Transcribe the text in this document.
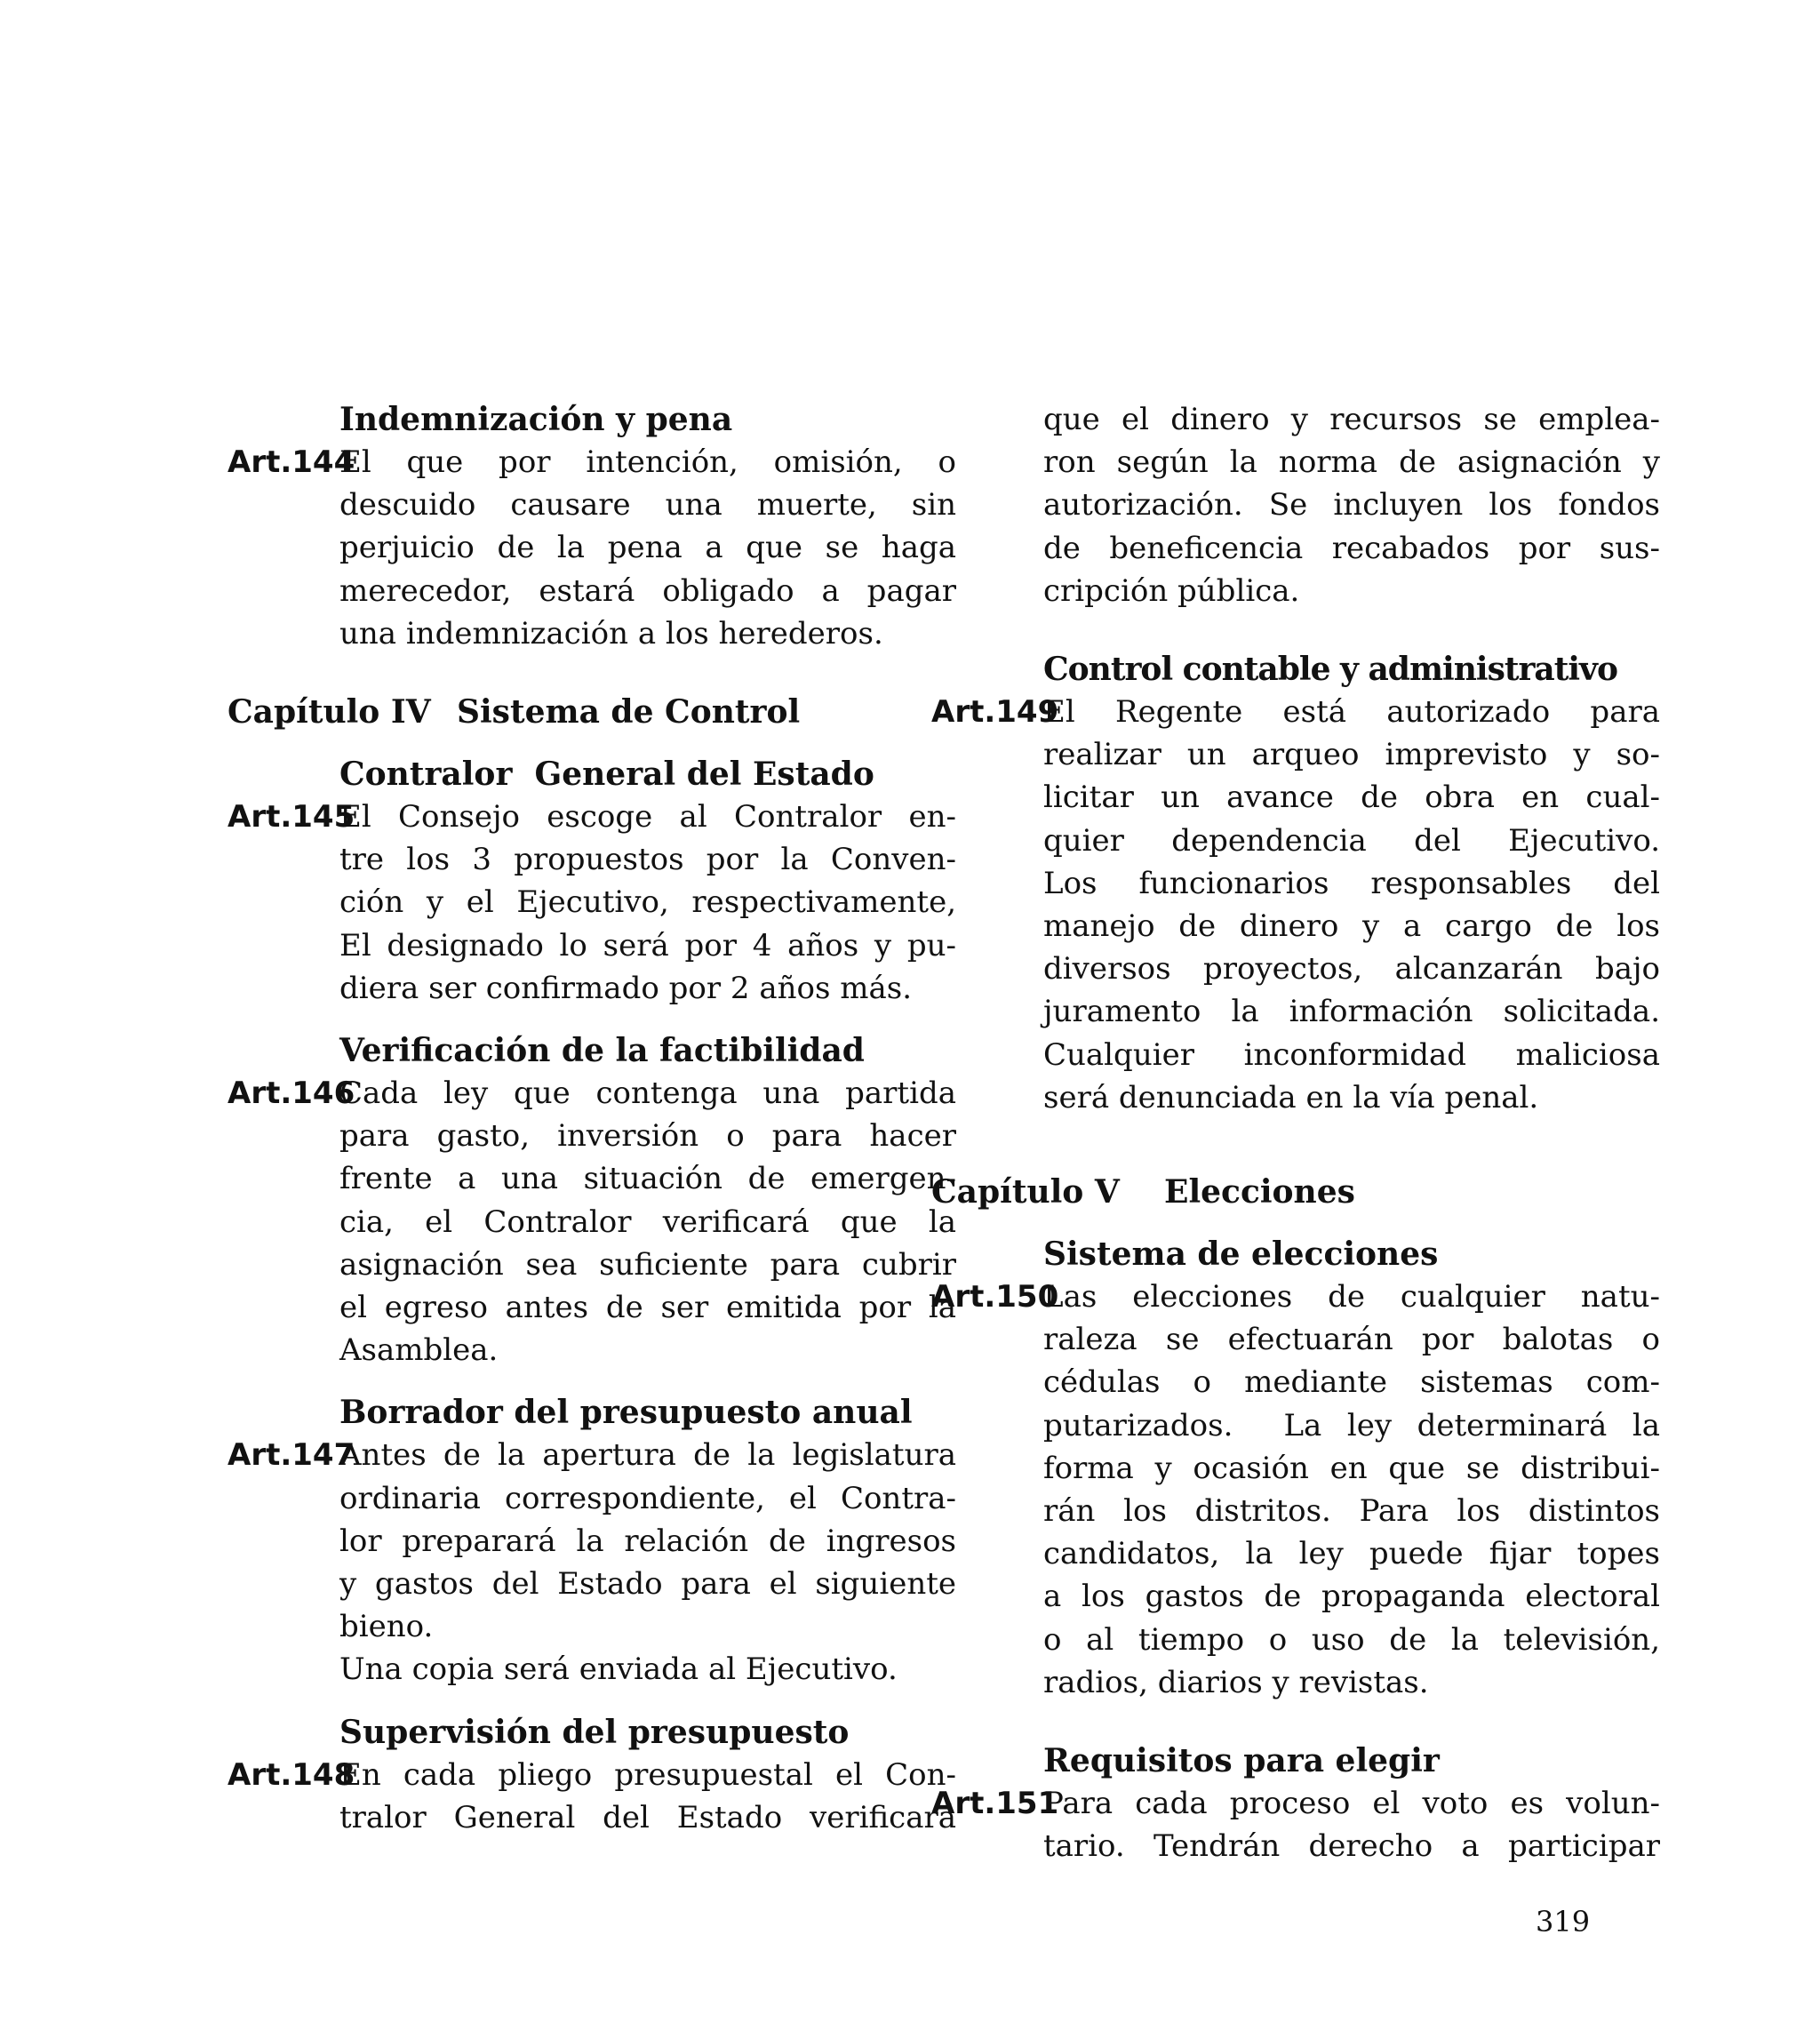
Indemnización y pena
Art.144
El que por intención, omisión, o
descuido causare una muerte, sin
perjuicio de la pena a que se haga
merecedor, estará obligado a pagar
una indemnización a los herederos.
Capítulo IV Sistema de Control
Contralor  General del Estado
Art.145
El Consejo escoge al Contralor en-
tre los 3 propuestos por la Conven-
ción y el Ejecutivo, respectivamente,
El designado lo será por 4 años y pu-
diera ser confirmado por 2 años más.
Verificación de la factibilidad
Art.146
Cada ley que contenga una partida
para gasto, inversión o para hacer
frente a una situación de emergen-
cia, el Contralor verificará que la
asignación sea suficiente para cubrir
el egreso antes de ser emitida por la
Asamblea.
Borrador del presupuesto anual
Art.147
Antes de la apertura de la legislatura
ordinaria correspondiente, el Contra-
lor preparará la relación de ingresos
y gastos del Estado para el siguiente
bieno.
Una copia será enviada al Ejecutivo.
Supervisión del presupuesto
Art.148
En cada pliego presupuestal el Con-
tralor General del Estado verificará
que el dinero y recursos se emplea-
ron según la norma de asignación y
autorización. Se incluyen los fondos
de beneficencia recabados por sus-
cripción pública.
Control contable y administrativo
Art.149
El Regente está autorizado para
realizar un arqueo imprevisto y so-
licitar un avance de obra en cual-
quier dependencia del Ejecutivo.
Los funcionarios responsables del
manejo de dinero y a cargo de los
diversos proyectos, alcanzarán bajo
juramento la información solicitada.
Cualquier inconformidad maliciosa
será denunciada en la vía penal.
Capítulo V Elecciones
Sistema de elecciones
Art.150
Las elecciones de cualquier natu-
raleza se efectuarán por balotas o
cédulas o mediante sistemas com-
putarizados.  La ley determinará la
forma y ocasión en que se distribui-
rán los distritos. Para los distintos
candidatos, la ley puede fijar topes
a los gastos de propaganda electoral
o al tiempo o uso de la televisión,
radios, diarios y revistas.
Requisitos para elegir
Art.151
Para cada proceso el voto es volun-
tario. Tendrán derecho a participar
319
